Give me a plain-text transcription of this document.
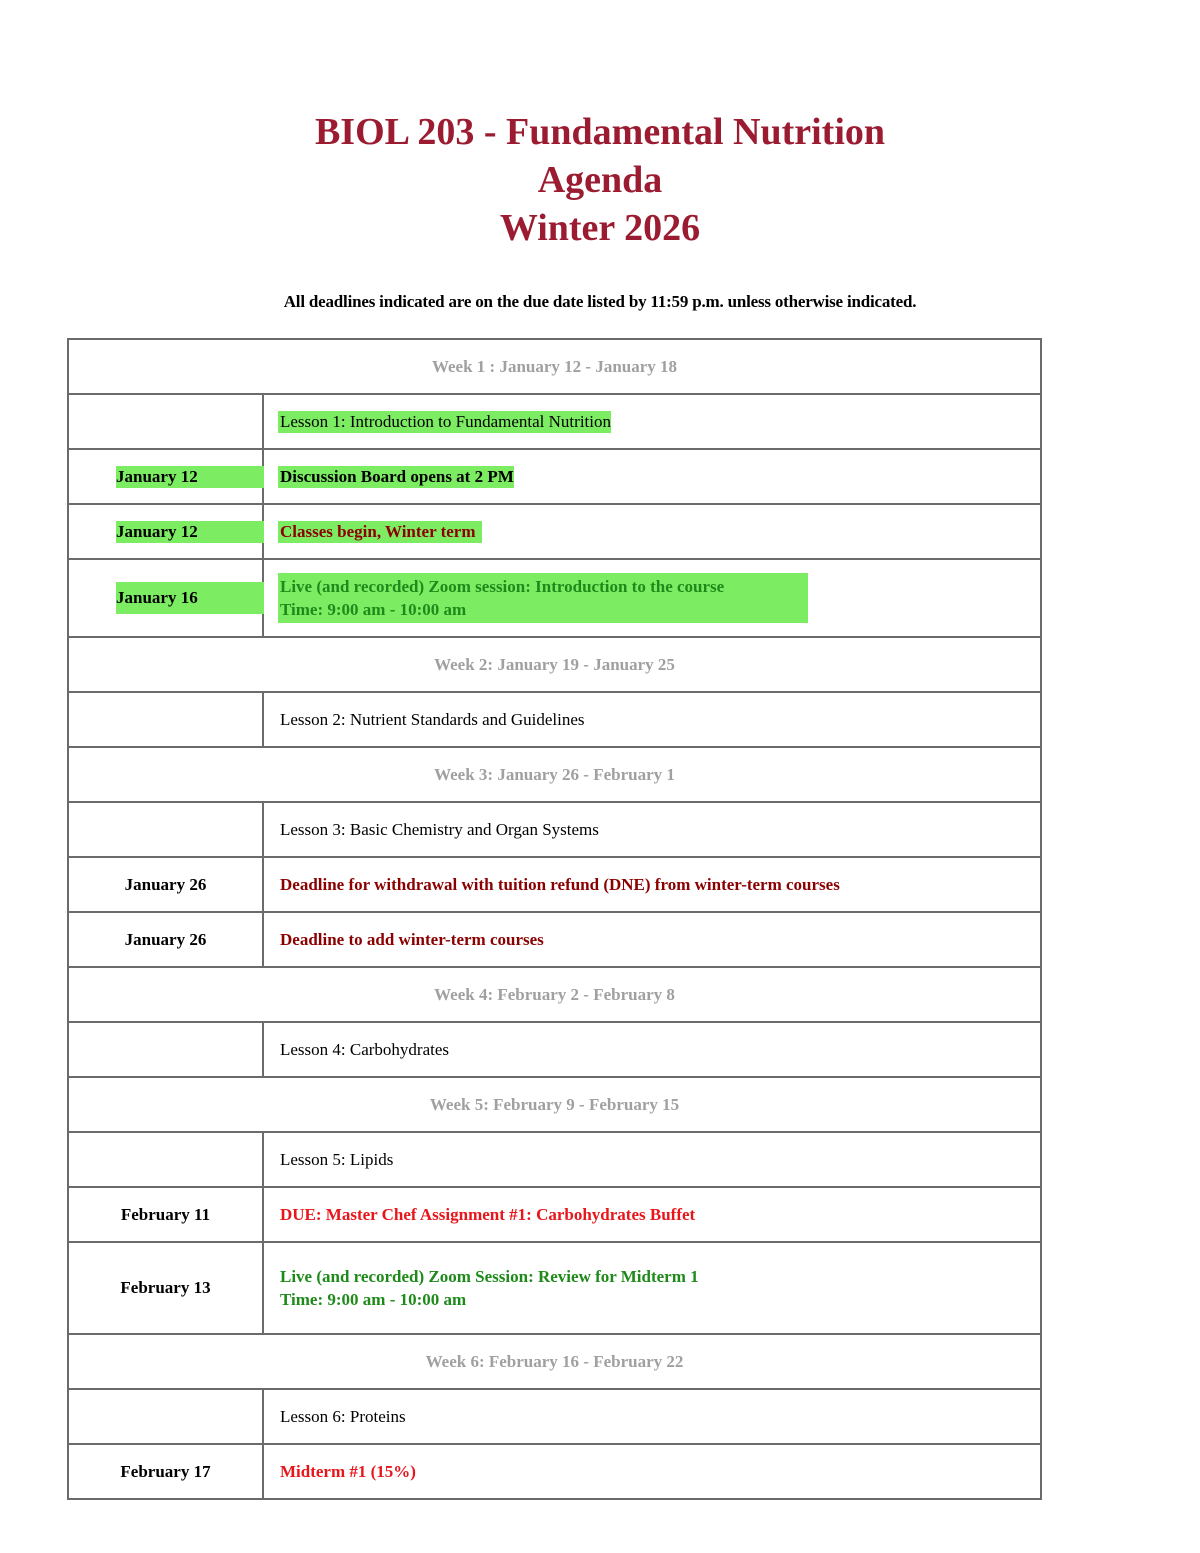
BIOL 203 - Fundamental Nutrition
Agenda
Winter 2026
All deadlines indicated are on the due date listed by 11:59 p.m. unless otherwise indicated.
Week 1 : January 12 - January 18	
	Lesson 1: Introduction to Fundamental Nutrition
January 12	Discussion Board opens at 2 PM
January 12	Classes begin, Winter term
January 16	Live (and recorded) Zoom session: Introduction to the course
Time: 9:00 am - 10:00 am
Week 2: January 19 - January 25	
	Lesson 2: Nutrient Standards and Guidelines
Week 3: January 26 - February 1	
	Lesson 3: Basic Chemistry and Organ Systems
January 26	Deadline for withdrawal with tuition refund (DNE) from winter-term courses
January 26	Deadline to add winter-term courses
Week 4: February 2 - February 8	
	Lesson 4: Carbohydrates
Week 5: February 9 - February 15	
	Lesson 5: Lipids
February 11	DUE: Master Chef Assignment #1: Carbohydrates Buffet
February 13	Live (and recorded) Zoom Session: Review for Midterm 1
Time: 9:00 am - 10:00 am
Week 6: February 16 - February 22	
	Lesson 6: Proteins
February 17	Midterm #1 (15%)
